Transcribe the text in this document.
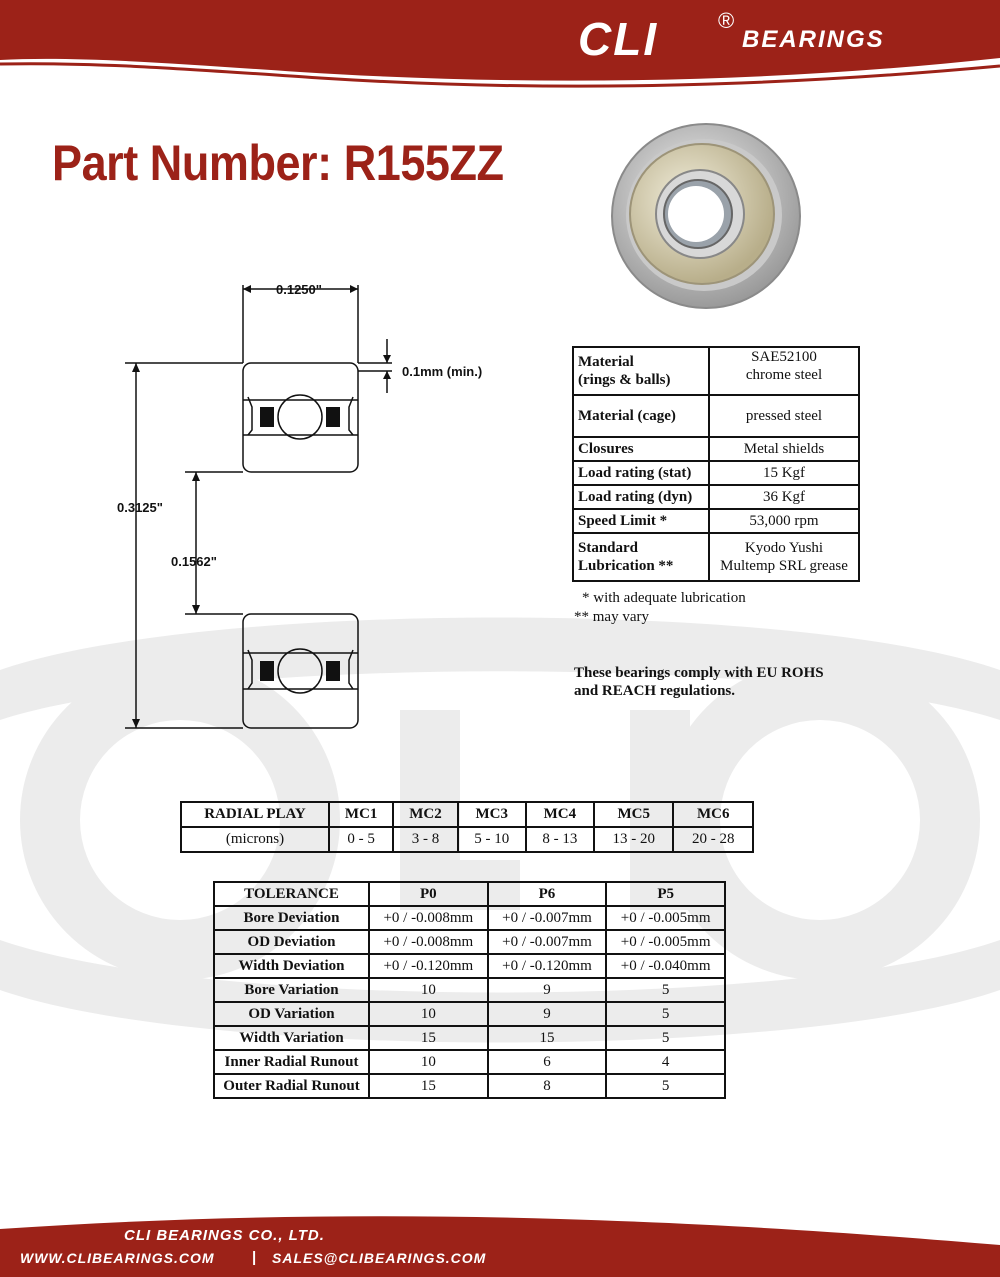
CLI	®
BEARINGS
Part Number: R155ZZ
0.1250"
0.1mm (min.)
0.3125"
0.1562"
Material
(rings & balls)	SAE52100
chrome steel
Material (cage)	pressed steel
Closures	Metal shields
Load rating (stat)	15 Kgf
Load rating (dyn)	36 Kgf
Speed Limit *	53,000 rpm
Standard
Lubrication **	Kyodo Yushi
Multemp SRL grease
* with adequate lubrication
** may vary
These bearings comply with EU ROHS
and REACH regulations.
RADIAL PLAY	MC1	MC2	MC3	MC4	MC5	MC6
(microns)	0 - 5	3 - 8	5 - 10	8 - 13	13 - 20	20 - 28
TOLERANCE	P0	P6	P5
Bore Deviation	+0 / -0.008mm	+0 / -0.007mm	+0 / -0.005mm
OD Deviation	+0 / -0.008mm	+0 / -0.007mm	+0 / -0.005mm
Width Deviation	+0 / -0.120mm	+0 / -0.120mm	+0 / -0.040mm
Bore Variation	10	9	5
OD Variation	10	9	5
Width Variation	15	15	5
Inner Radial Runout	10	6	4
Outer Radial Runout	15	8	5
CLI BEARINGS CO., LTD.
WWW.CLIBEARINGS.COM	| SALES@CLIBEARINGS.COM
